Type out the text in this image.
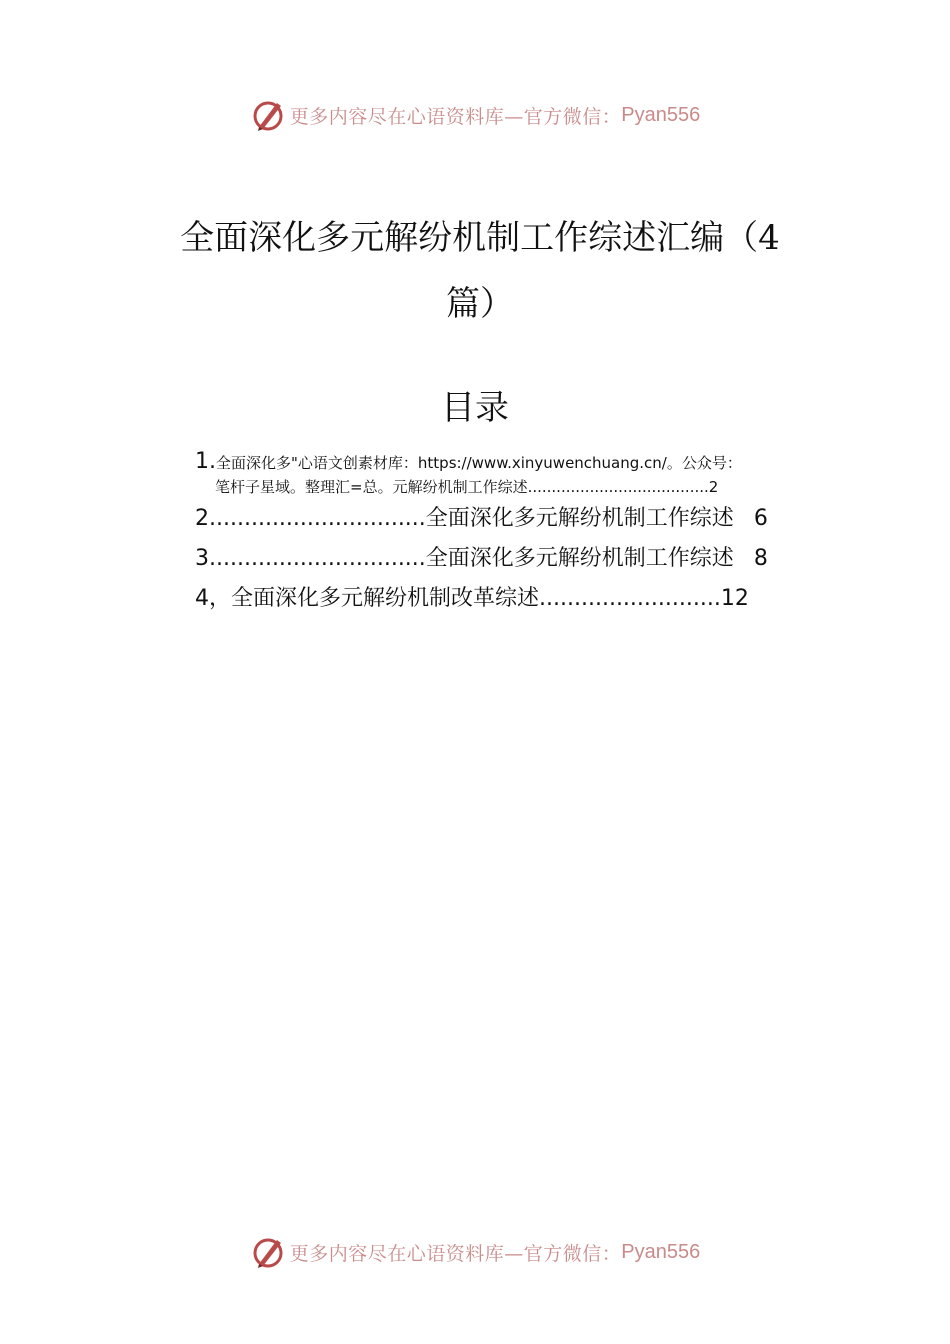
更多内容尽在心语资料库—官方微信： Pyan556
全面深化多元解纷机制工作综述汇编（4篇）
目录
1.全面深化多"心语文创素材库：https://www.xinyuwenchuang.cn/。公众号：
笔杆子星域。整理汇=总。元解纷机制工作综述......................................2
2...............................全面深化多元解纷机制工作综述 6
3...............................全面深化多元解纷机制工作综述 8
4，全面深化多元解纷机制改革综述..........................12
更多内容尽在心语资料库—官方微信： Pyan556
